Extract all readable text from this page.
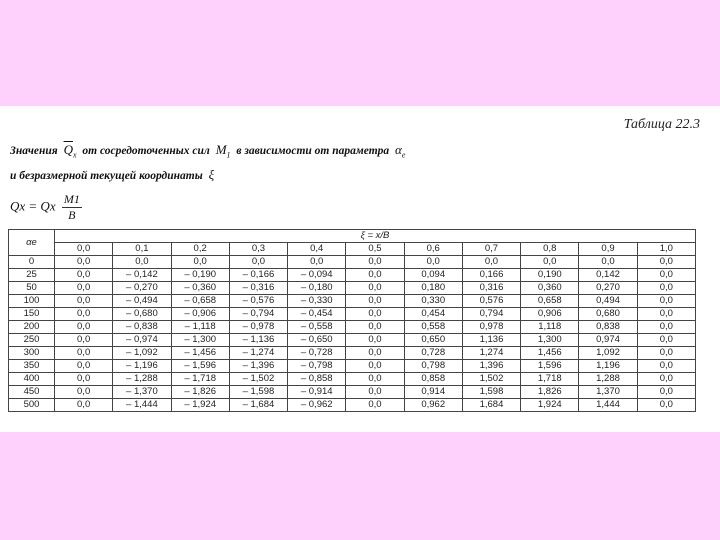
Таблица 22.3
Значения $\overline{Q}_x$ от сосредоточенных сил $M_1$ в зависимости от параметра $\alpha_e$
и безразмерной текущей координаты ξ
Qx = Qx $\frac{M1}{B}$
αe	ξ = x/B										
	0,0	0,1	0,2	0,3	0,4	0,5	0,6	0,7	0,8	0,9	1,0
0	0,0	0,0	0,0	0,0	0,0	0,0	0,0	0,0	0,0	0,0	0,0
25	0,0	– 0,142	– 0,190	– 0,166	– 0,094	0,0	0,094	0,166	0,190	0,142	0,0
50	0,0	– 0,270	– 0,360	– 0,316	– 0,180	0,0	0,180	0,316	0,360	0,270	0,0
100	0,0	– 0,494	– 0,658	– 0,576	– 0,330	0,0	0,330	0,576	0,658	0,494	0,0
150	0,0	– 0,680	– 0,906	– 0,794	– 0,454	0,0	0,454	0,794	0,906	0,680	0,0
200	0,0	– 0,838	– 1,118	– 0,978	– 0,558	0,0	0,558	0,978	1,118	0,838	0,0
250	0,0	– 0,974	– 1,300	– 1,136	– 0,650	0,0	0,650	1,136	1,300	0,974	0,0
300	0,0	– 1,092	– 1,456	– 1,274	– 0,728	0,0	0,728	1,274	1,456	1,092	0,0
350	0,0	– 1,196	– 1,596	– 1,396	– 0,798	0,0	0,798	1,396	1,596	1,196	0,0
400	0,0	– 1,288	– 1,718	– 1,502	– 0,858	0,0	0,858	1,502	1,718	1,288	0,0
450	0,0	– 1,370	– 1,826	– 1,598	– 0,914	0,0	0,914	1,598	1,826	1,370	0,0
500	0,0	– 1,444	– 1,924	– 1,684	– 0,962	0,0	0,962	1,684	1,924	1,444	0,0
